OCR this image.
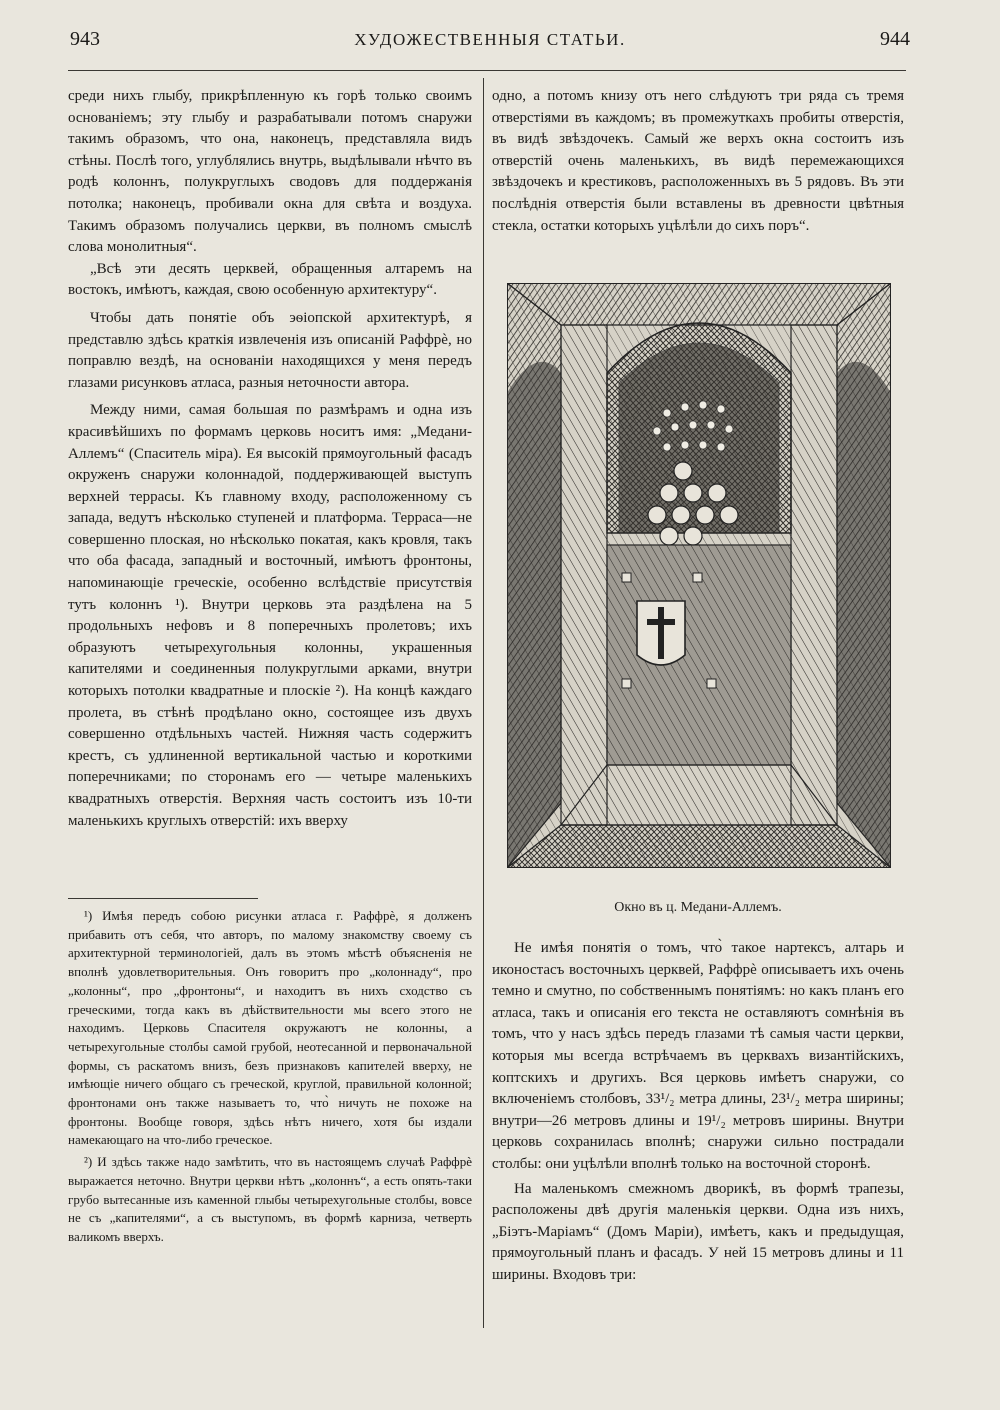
943	ХУДОЖЕСТВЕННЫЯ СТАТЬИ.	944

среди нихъ глыбу, прикрѣпленную къ горѣ только своимъ основаніемъ; эту глыбу и разрабатывали потомъ снаружи такимъ образомъ, что она, наконецъ, представляла видъ стѣны. Послѣ того, углублялись внутрь, выдѣлывали нѣчто въ родѣ колоннъ, полукруглыхъ сводовъ для поддержанія потолка; наконецъ, пробивали окна для свѣта и воздуха. Такимъ образомъ получались церкви, въ полномъ смыслѣ слова монолитныя“.

„Всѣ эти десять церквей, обращенныя алтаремъ на востокъ, имѣютъ, каждая, свою особенную архитектуру“.

Чтобы дать понятіе объ эѳіопской архитектурѣ, я представлю здѣсь краткія извлеченія изъ описаній Раффрѐ, но поправлю вездѣ, на основаніи находящихся у меня передъ глазами рисунковъ атласа, разныя неточности автора.

Между ними, самая большая по размѣрамъ и одна изъ красивѣйшихъ по формамъ церковь носитъ имя: „Медани-Аллемъ“ (Спаситель міра). Ея высокій прямоугольный фасадъ окруженъ снаружи колоннадой, поддерживающей выступъ верхней террасы. Къ главному входу, расположенному съ запада, ведутъ нѣсколько ступеней и платформа. Терраса—не совершенно плоская, но нѣсколько покатая, какъ кровля, такъ что оба фасада, западный и восточный, имѣютъ фронтоны, напоминающіе греческіе, особенно вслѣдствіе присутствія тутъ колоннъ ¹). Внутри церковь эта раздѣлена на 5 продольныхъ нефовъ и 8 поперечныхъ пролетовъ; ихъ образуютъ четырехугольныя колонны, украшенныя капителями и соединенныя полукруглыми арками, внутри которыхъ потолки квадратные и плоскіе ²). На концѣ каждаго пролета, въ стѣнѣ продѣлано окно, состоящее изъ двухъ совершенно отдѣльныхъ частей. Нижняя часть содержитъ крестъ, съ удлиненной вертикальной частью и короткими поперечниками; по сторонамъ его — четыре маленькихъ квадратныхъ отверстія. Верхняя часть состоитъ изъ 10-ти маленькихъ круглыхъ отверстій: ихъ вверху

¹) Имѣя передъ собою рисунки атласа г. Раффрѐ, я долженъ прибавить отъ себя, что авторъ, по малому знакомству своему съ архитектурной терминологіей, далъ въ этомъ мѣстѣ объясненія не вполнѣ удовлетворительныя. Онъ говоритъ про „колоннаду“, про „колонны“, про „фронтоны“, и находитъ въ нихъ сходство съ греческими, тогда какъ въ дѣйствительности мы всего этого не находимъ. Церковь Спасителя окружаютъ не колонны, а четырехугольные столбы самой грубой, неотесанной и первоначальной формы, съ раскатомъ внизъ, безъ признаковъ капителей вверху, не имѣющіе ничего общаго съ греческой, круглой, правильной колонной; фронтонами онъ также называетъ то, что̀ ничуть не похоже на фронтоны. Вообще говоря, здѣсь нѣтъ ничего, хотя бы издали намекающаго на что-либо греческое.

²) И здѣсь также надо замѣтить, что въ настоящемъ случаѣ Раффрѐ выражается неточно. Внутри церкви нѣтъ „колоннъ“, а есть опять-таки грубо вытесанные изъ каменной глыбы четырехугольные столбы, вовсе не съ „капителями“, а съ выступомъ, въ формѣ карниза, четверть валикомъ вверхъ.

одно, а потомъ книзу отъ него слѣдуютъ три ряда съ тремя отверстіями въ каждомъ; въ промежуткахъ пробиты отверстія, въ видѣ звѣздочекъ. Самый же верхъ окна состоитъ изъ отверстій очень маленькихъ, въ видѣ перемежающихся звѣздочекъ и крестиковъ, расположенныхъ въ 5 рядовъ. Въ эти послѣднія отверстія были вставлены въ древности цвѣтныя стекла, остатки которыхъ уцѣлѣли до сихъ поръ“.

Окно въ ц. Медани-Аллемъ.

Не имѣя понятія о томъ, что̀ такое нартексъ, алтарь и иконостасъ восточныхъ церквей, Раффрѐ описываетъ ихъ очень темно и смутно, по собственнымъ понятіямъ: но какъ планъ его атласа, такъ и описанія его текста не оставляютъ сомнѣнія въ томъ, что у насъ здѣсь передъ глазами тѣ самыя части церкви, которыя мы всегда встрѣчаемъ въ церквахъ византійскихъ, коптскихъ и другихъ. Вся церковь имѣетъ снаружи, со включеніемъ столбовъ, 33¹/₂ метра длины, 23¹/₂ метра ширины; внутри—26 метровъ длины и 19¹/₂ метровъ ширины. Внутри церковь сохранилась вполнѣ; снаружи сильно пострадали столбы: они уцѣлѣли вполнѣ только на восточной сторонѣ.

На маленькомъ смежномъ дворикѣ, въ формѣ трапезы, расположены двѣ другія маленькія церкви. Одна изъ нихъ, „Біэтъ-Маріамъ“ (Домъ Маріи), имѣетъ, какъ и предыдущая, прямоугольный планъ и фасадъ. У ней 15 метровъ длины и 11 ширины. Входовъ три:
